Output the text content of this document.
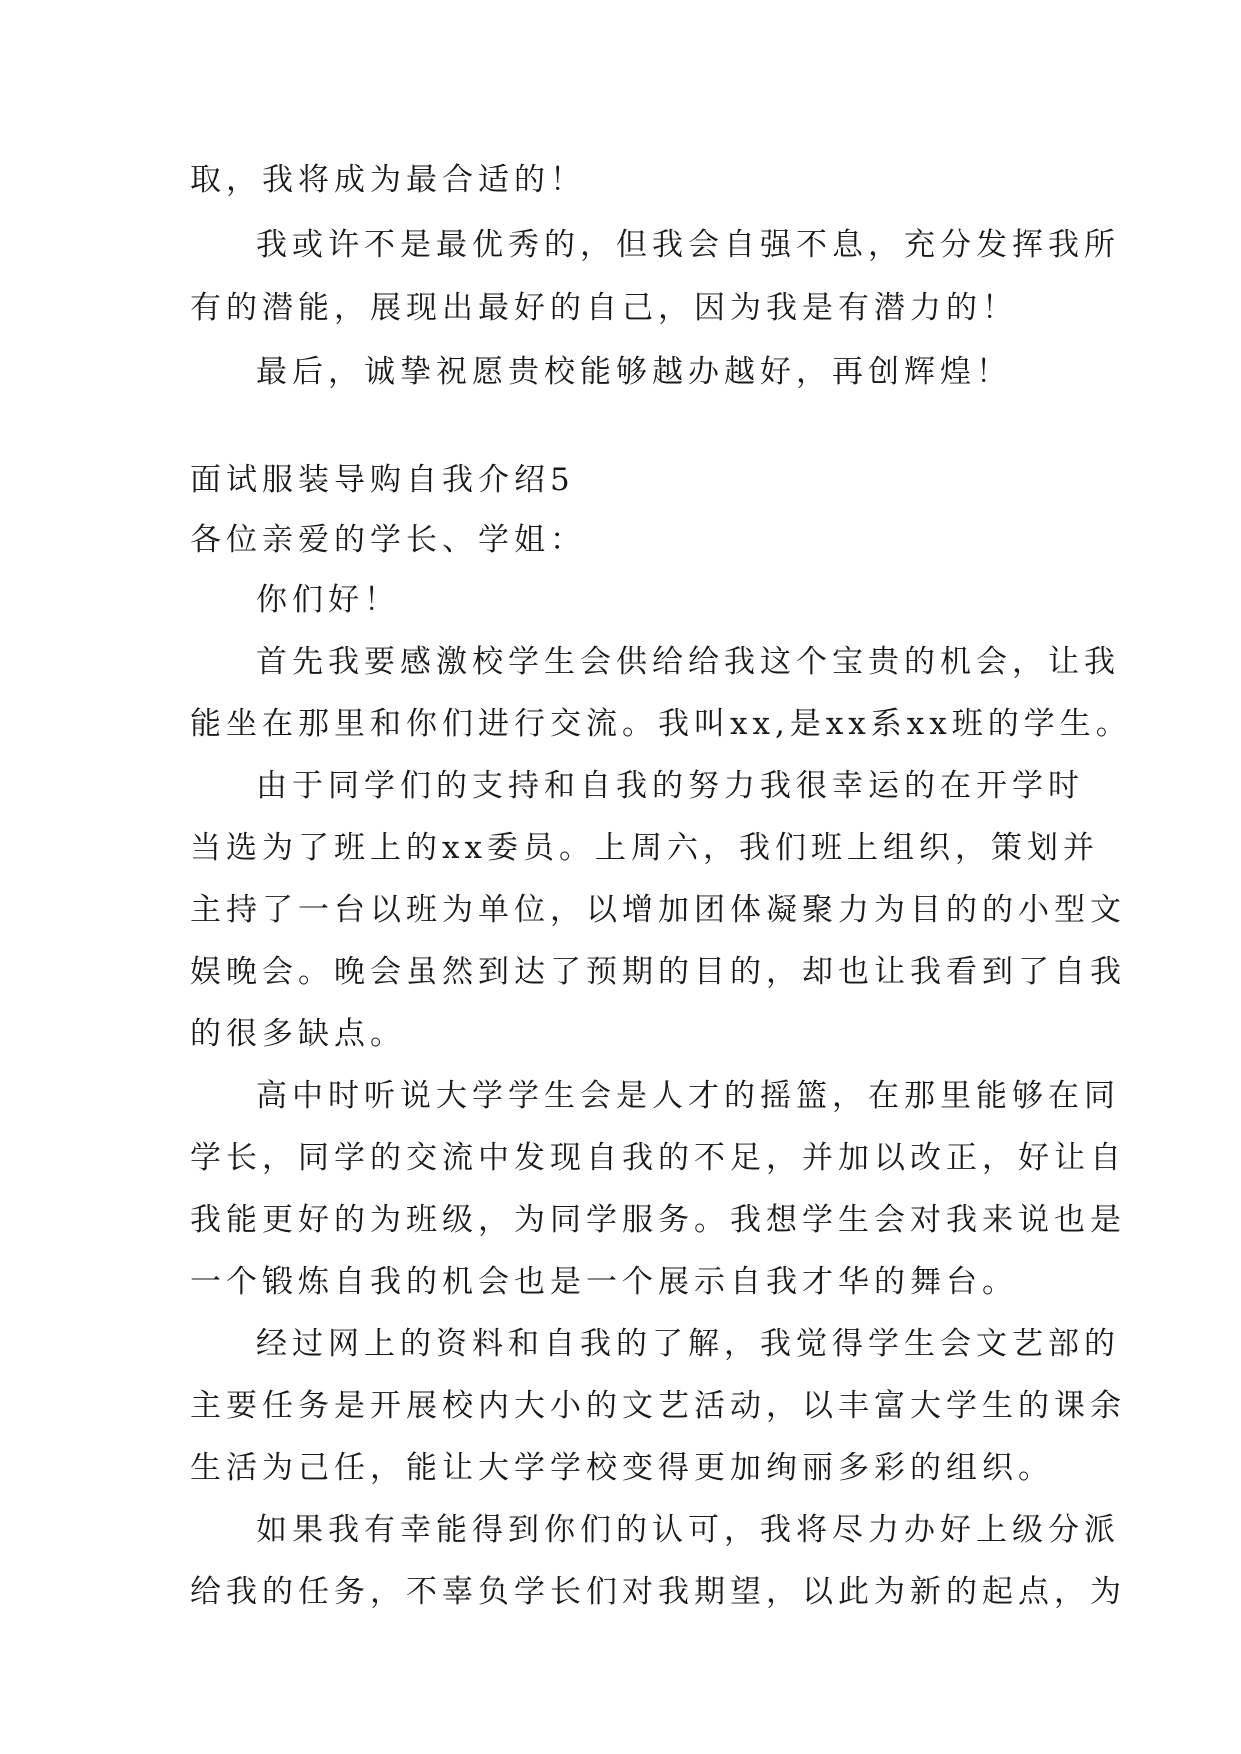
取，我将成为最合适的！
我或许不是最优秀的，但我会自强不息，充分发挥我所
有的潜能，展现出最好的自己，因为我是有潜力的！
最后，诚挚祝愿贵校能够越办越好，再创辉煌！
面试服装导购自我介绍5
各位亲爱的学长、学姐：
你们好！
首先我要感激校学生会供给给我这个宝贵的机会，让我
能坐在那里和你们进行交流。我叫xx,是xx系xx班的学生。
由于同学们的支持和自我的努力我很幸运的在开学时
当选为了班上的xx委员。上周六，我们班上组织，策划并
主持了一台以班为单位，以增加团体凝聚力为目的的小型文
娱晚会。晚会虽然到达了预期的目的，却也让我看到了自我
的很多缺点。
高中时听说大学学生会是人才的摇篮，在那里能够在同
学长，同学的交流中发现自我的不足，并加以改正，好让自
我能更好的为班级，为同学服务。我想学生会对我来说也是
一个锻炼自我的机会也是一个展示自我才华的舞台。
经过网上的资料和自我的了解，我觉得学生会文艺部的
主要任务是开展校内大小的文艺活动，以丰富大学生的课余
生活为己任，能让大学学校变得更加绚丽多彩的组织。
如果我有幸能得到你们的认可，我将尽力办好上级分派
给我的任务，不辜负学长们对我期望，以此为新的起点，为
